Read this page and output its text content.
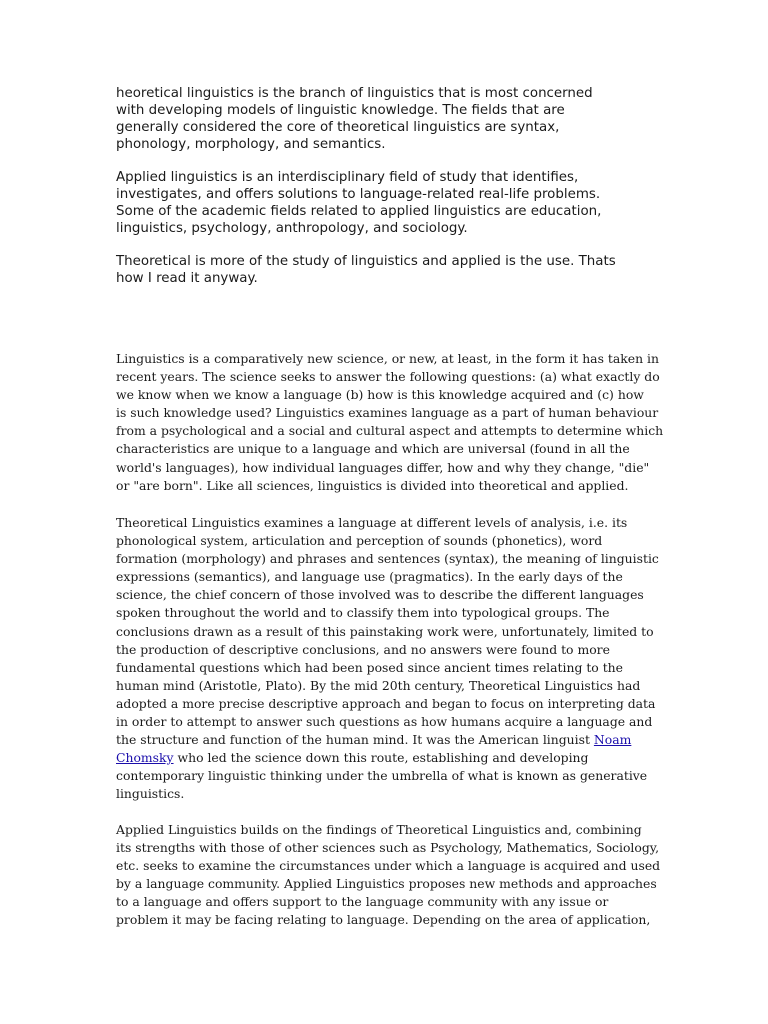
heoretical linguistics is the branch of linguistics that is most concerned
with developing models of linguistic knowledge. The fields that are
generally considered the core of theoretical linguistics are syntax,
phonology, morphology, and semantics.
Applied linguistics is an interdisciplinary field of study that identifies,
investigates, and offers solutions to language-related real-life problems.
Some of the academic fields related to applied linguistics are education,
linguistics, psychology, anthropology, and sociology.
Theoretical is more of the study of linguistics and applied is the use. Thats
how I read it anyway.
Linguistics is a comparatively new science, or new, at least, in the form it has taken in
recent years. The science seeks to answer the following questions: (a) what exactly do
we know when we know a language (b) how is this knowledge acquired and (c) how
is such knowledge used? Linguistics examines language as a part of human behaviour
from a psychological and a social and cultural aspect and attempts to determine which
characteristics are unique to a language and which are universal (found in all the
world's languages), how individual languages differ, how and why they change, "die"
or "are born". Like all sciences, linguistics is divided into theoretical and applied.
Theoretical Linguistics examines a language at different levels of analysis, i.e. its
phonological system, articulation and perception of sounds (phonetics), word
formation (morphology) and phrases and sentences (syntax), the meaning of linguistic
expressions (semantics), and language use (pragmatics). In the early days of the
science, the chief concern of those involved was to describe the different languages
spoken throughout the world and to classify them into typological groups. The
conclusions drawn as a result of this painstaking work were, unfortunately, limited to
the production of descriptive conclusions, and no answers were found to more
fundamental questions which had been posed since ancient times relating to the
human mind (Aristotle, Plato). By the mid 20th century, Theoretical Linguistics had
adopted a more precise descriptive approach and began to focus on interpreting data
in order to attempt to answer such questions as how humans acquire a language and
the structure and function of the human mind. It was the American linguist Noam
Chomsky who led the science down this route, establishing and developing
contemporary linguistic thinking under the umbrella of what is known as generative
linguistics.
Applied Linguistics builds on the findings of Theoretical Linguistics and, combining
its strengths with those of other sciences such as Psychology, Mathematics, Sociology,
etc. seeks to examine the circumstances under which a language is acquired and used
by a language community. Applied Linguistics proposes new methods and approaches
to a language and offers support to the language community with any issue or
problem it may be facing relating to language. Depending on the area of application,
